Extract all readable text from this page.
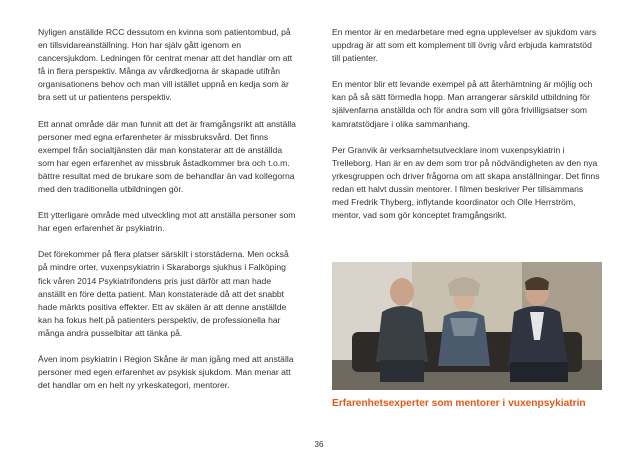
Nyligen anställde RCC dessutom en kvinna som patientombud, på en tillsvidareanställning. Hon har själv gått igenom en cancersjukdom. Ledningen för centrat menar att det handlar om att få in flera perspektiv. Många av vårdkedjorna är skapade utifrån organisationens behov och man vill istället uppnå en kedja som är bra sett ut ur patientens perspektiv.

Ett annat område där man funnit att det är framgångsrikt att anställa personer med egna erfarenheter är missbruksvård. Det finns exempel från socialtjänsten där man konstaterar att de anställda som har egen erfarenhet av missbruk åstadkommer bra och t.o.m. bättre resultat med de brukare som de behandlar än vad kollegorna med den traditionella utbildningen gör.

Ett ytterligare område med utveckling mot att anställa personer som har egen erfarenhet är psykiatrin.

Det förekommer på flera platser särskilt i storstäderna. Men också på mindre orter, vuxenpsykiatrin i Skaraborgs sjukhus i Falköping fick våren 2014 Psykiatrifondens pris just därför att man hade anställt en före detta patient. Man konstaterade då att det snabbt hade märkts positiva effekter. Ett av skälen är att denne anställde kan ha fokus helt på patienters perspektiv, de professionella har många andra pusselbitar att tänka på.

Även inom psykiatrin i Region Skåne är man igång med att anställa personer med egen erfarenhet av psykisk sjukdom. Man menar att det handlar om en helt ny yrkeskategori, mentorer.

En mentor är en medarbetare med egna upplevelser av sjukdom vars uppdrag är att som ett komplement till övrig vård erbjuda kamratstöd till patienter.

En mentor blir ett levande exempel på att återhämtning är möjlig och kan på så sätt förmedla hopp. Man arrangerar särskild utbildning för självenfarna anställda och för andra som vill göra frivilligsatser som kamratstödjare i olika sammanhang.

Per Granvik är verksamhetsutvecklare inom vuxenpsykiatrin i Trelleborg. Han är en av dem som tror på nödvändigheten av den nya yrkesgruppen och driver frågorna om att skapa anställningar. Det finns redan ett halvt dussin mentorer. I filmen beskriver Per tillsammans med Fredrik Thyberg, inflytande koordinator och Olle Herrström, mentor, vad som gör konceptet framgångsrikt.

Erfarenhetsexperter som mentorer i vuxenpsykiatrin
36
